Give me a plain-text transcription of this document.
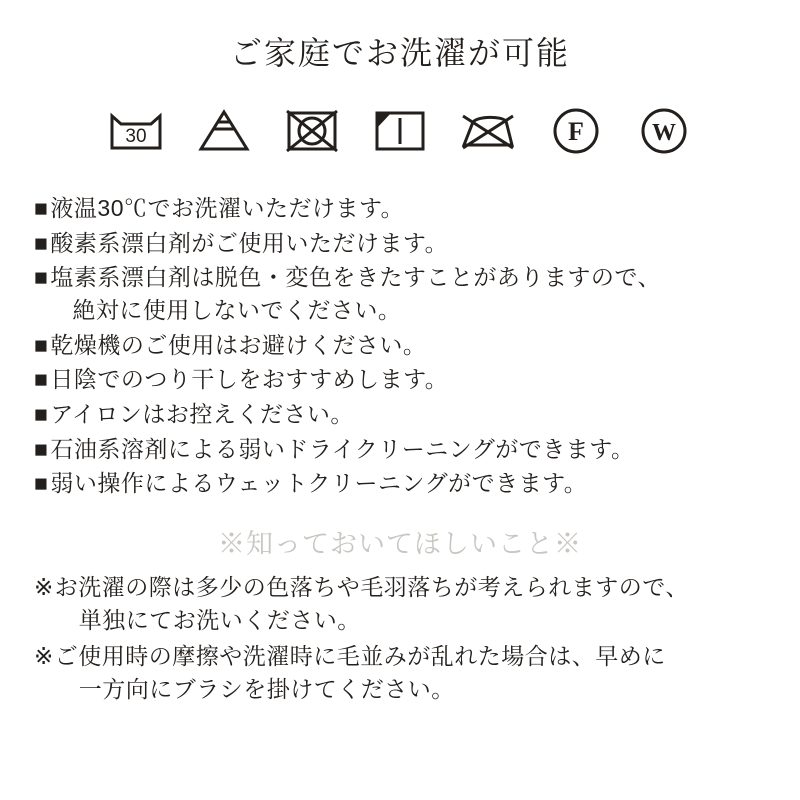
ご家庭でお洗濯が可能
30	F	W
■ 液温30℃でお洗濯いただけます。
■ 酸素系漂白剤がご使用いただけます。
■ 塩素系漂白剤は脱色・変色をきたすことがありますので、
絶対に使用しないでください。
■ 乾燥機のご使用はお避けください。
■ 日陰でのつり干しをおすすめします。
■ アイロンはお控えください。
■ 石油系溶剤による弱いドライクリーニングができます。
■ 弱い操作によるウェットクリーニングができます。
※知っておいてほしいこと※
※ お洗濯の際は多少の色落ちや毛羽落ちが考えられますので、
単独にてお洗いください。
※ ご使用時の摩擦や洗濯時に毛並みが乱れた場合は、早めに
一方向にブラシを掛けてください。
